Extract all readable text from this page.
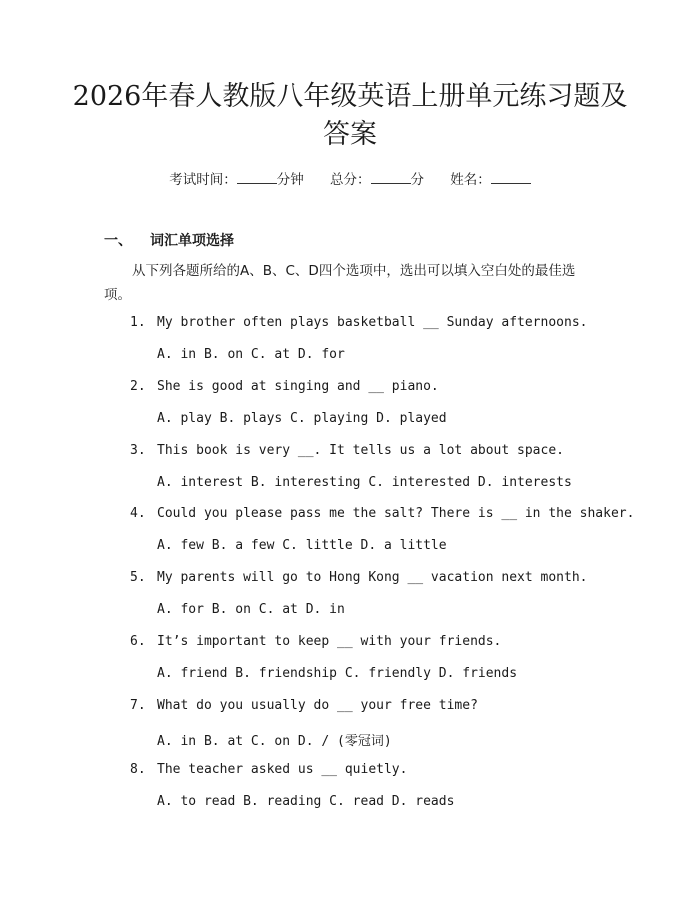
2026年春人教版八年级英语上册单元练习题及答案
考试时间：	分钟 总分：	分 姓名：
一、 词汇单项选择
从下列各题所给的A、B、C、D四个选项中，选出可以填入空白处的最佳选项。
1. My brother often plays basketball __ Sunday afternoons.
A. in B. on C. at D. for
2. She is good at singing and __ piano.
A. play B. plays C. playing D. played
3. This book is very __. It tells us a lot about space.
A. interest B. interesting C. interested D. interests
4. Could you please pass me the salt? There is __ in the shaker.
A. few B. a few C. little D. a little
5. My parents will go to Hong Kong __ vacation next month.
A. for B. on C. at D. in
6. It’s important to keep __ with your friends.
A. friend B. friendship C. friendly D. friends
7. What do you usually do __ your free time?
A. in B. at C. on D. / (零冠词)
8. The teacher asked us __ quietly.
A. to read B. reading C. read D. reads
